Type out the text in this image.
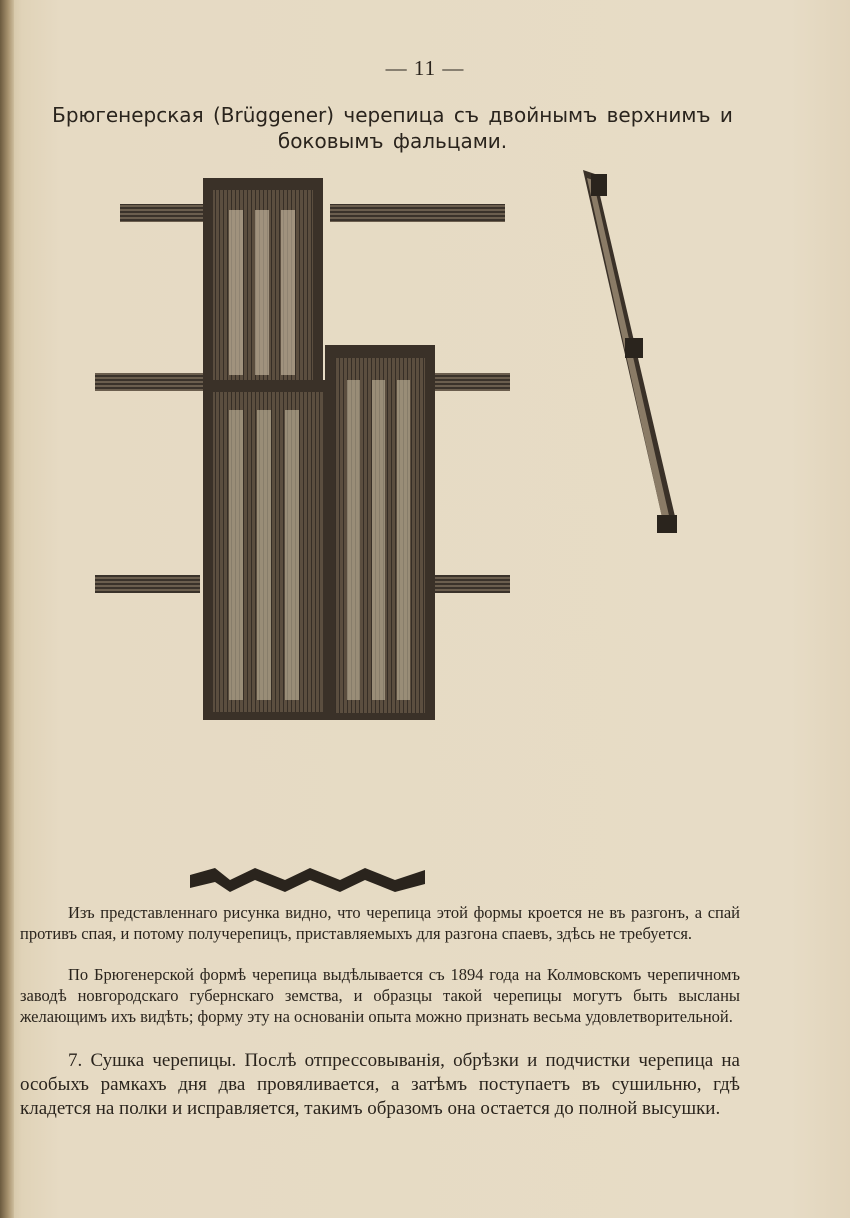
— 11 —
Брюгенерская (Brüggener) черепица съ двойнымъ верхнимъ и боковымъ фальцами.
Изъ представленнаго рисунка видно, что черепица этой формы кроется не въ разгонъ, а спай противъ спая, и потому получерепицъ, приставляемыхъ для разгона спаевъ, здѣсь не требуется.
По Брюгенерской формѣ черепица выдѣлывается съ 1894 года на Колмовскомъ черепичномъ заводѣ новгородскаго губернскаго земства, и образцы такой черепицы могутъ быть высланы желающимъ ихъ видѣть; форму эту на основаніи опыта можно признать весьма удовлетворительной.
7. Сушка черепицы. Послѣ отпрессовыванія, обрѣзки и подчистки черепица на особыхъ рамкахъ дня два провяливается, а затѣмъ поступаетъ въ сушильню, гдѣ кладется на полки и исправляется, такимъ образомъ она остается до полной высушки.
